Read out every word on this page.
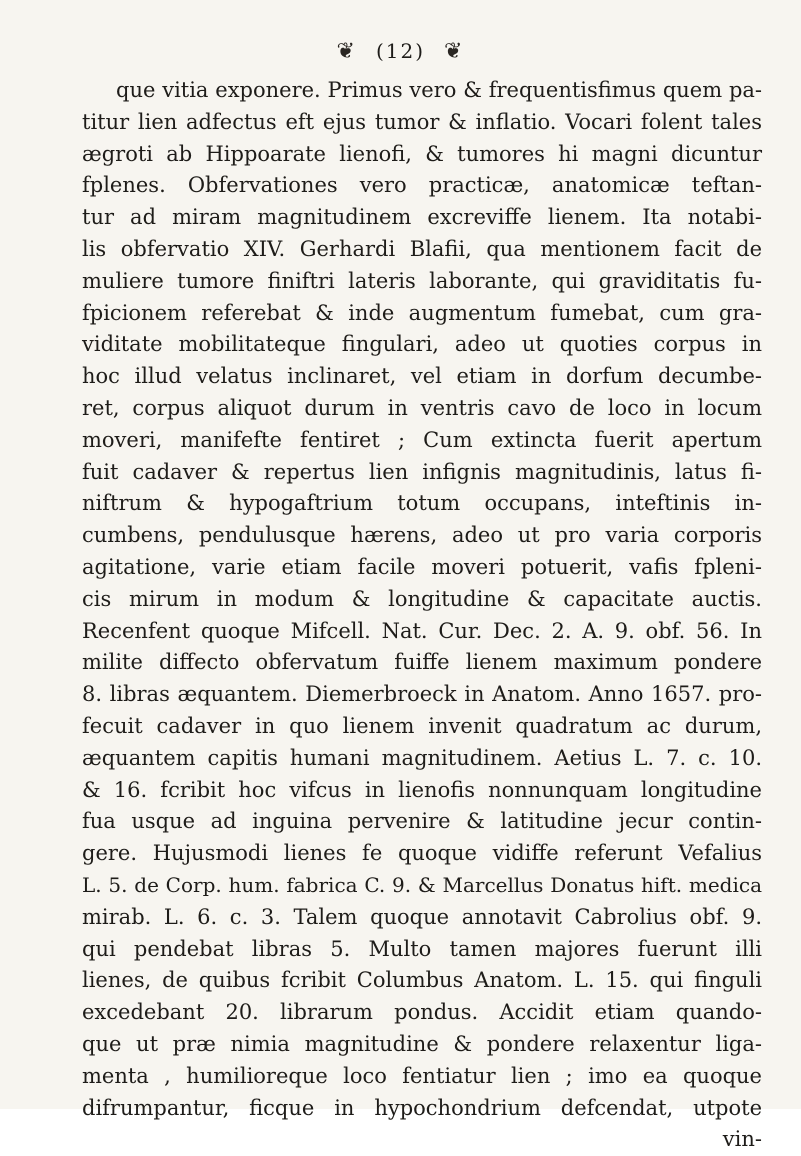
❦ (12) ❦
que vitia exponere. Primus vero & frequentisfimus quem pa-
titur lien adfectus eft ejus tumor & inflatio. Vocari folent tales
ægroti ab Hippoarate lienofi, & tumores hi magni dicuntur
fplenes. Obfervationes vero practicæ, anatomicæ teftan-
tur ad miram magnitudinem excreviffe lienem. Ita notabi-
lis obfervatio XIV. Gerhardi Blafii, qua mentionem facit de
muliere tumore finiftri lateris laborante, qui graviditatis fu-
fpicionem referebat & inde augmentum fumebat, cum gra-
viditate mobilitateque fingulari, adeo ut quoties corpus in
hoc illud velatus inclinaret, vel etiam in dorfum decumbe-
ret, corpus aliquot durum in ventris cavo de loco in locum
moveri, manifefte fentiret ; Cum extincta fuerit apertum
fuit cadaver & repertus lien infignis magnitudinis, latus fi-
niftrum & hypogaftrium totum occupans, inteftinis in-
cumbens, pendulusque hærens, adeo ut pro varia corporis
agitatione, varie etiam facile moveri potuerit, vafis fpleni-
cis mirum in modum & longitudine & capacitate auctis.
Recenfent quoque Mifcell. Nat. Cur. Dec. 2. A. 9. obf. 56. In
milite diffecto obfervatum fuiffe lienem maximum pondere
8. libras æquantem. Diemerbroeck in Anatom. Anno 1657. pro-
fecuit cadaver in quo lienem invenit quadratum ac durum,
æquantem capitis humani magnitudinem. Aetius L. 7. c. 10.
& 16. fcribit hoc vifcus in lienofis nonnunquam longitudine
fua usque ad inguina pervenire & latitudine jecur contin-
gere. Hujusmodi lienes fe quoque vidiffe referunt Vefalius
L. 5. de Corp. hum. fabrica C. 9. & Marcellus Donatus hift. medica
mirab. L. 6. c. 3. Talem quoque annotavit Cabrolius obf. 9.
qui pendebat libras 5. Multo tamen majores fuerunt illi
lienes, de quibus fcribit Columbus Anatom. L. 15. qui finguli
excedebant 20. librarum pondus. Accidit etiam quando-
que ut præ nimia magnitudine & pondere relaxentur liga-
menta , humilioreque loco fentiatur lien ; imo ea quoque
difrumpantur, ficque in hypochondrium defcendat, utpote
vin-
